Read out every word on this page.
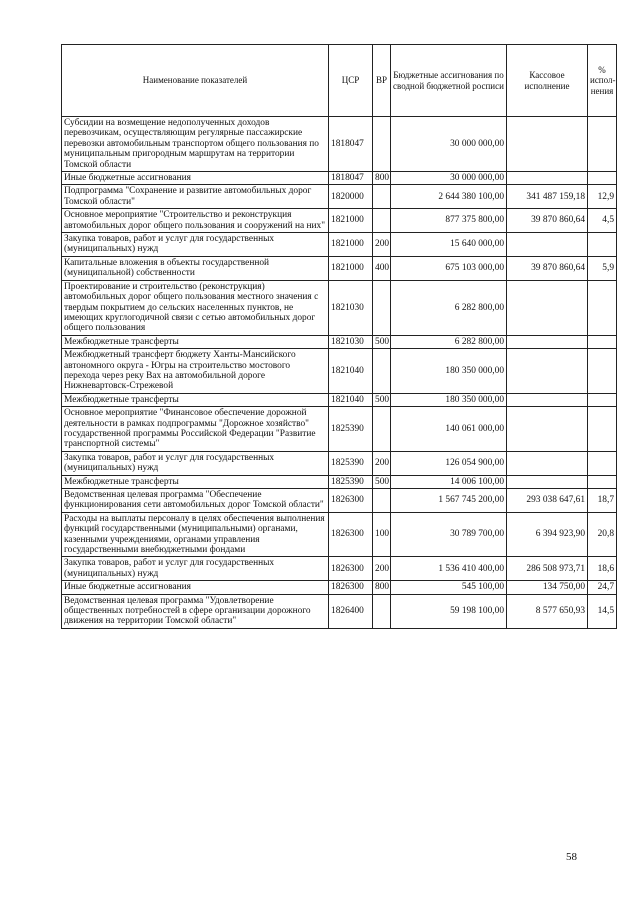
Наименование показателей	ЦСР	ВР	Бюджетные ассигнования по сводной бюджетной росписи	Кассовое исполнение	% испол- нения
Субсидии на возмещение недополученных доходов перевозчикам, осуществляющим регулярные пассажирские перевозки автомобильным транспортом общего пользования по муниципальным пригородным маршрутам на территории Томской области	1818047		30 000 000,00		
Иные бюджетные ассигнования	1818047	800	30 000 000,00		
Подпрограмма "Сохранение и развитие автомобильных дорог Томской области"	1820000		2 644 380 100,00	341 487 159,18	12,9
Основное мероприятие "Строительство и реконструкция автомобильных дорог общего пользования и сооружений на них"	1821000		877 375 800,00	39 870 860,64	4,5
Закупка товаров, работ и услуг для государственных (муниципальных) нужд	1821000	200	15 640 000,00		
Капитальные вложения в объекты государственной (муниципальной) собственности	1821000	400	675 103 000,00	39 870 860,64	5,9
Проектирование и строительство (реконструкция) автомобильных дорог общего пользования местного значения с твердым покрытием до сельских населенных пунктов, не имеющих круглогодичной связи с сетью автомобильных дорог общего пользования	1821030		6 282 800,00		
Межбюджетные трансферты	1821030	500	6 282 800,00		
Межбюджетный трансферт бюджету Ханты-Мансийского автономного округа - Югры на строительство мостового перехода через реку Вах на автомобильной дороге Нижневартовск-Стрежевой	1821040		180 350 000,00		
Межбюджетные трансферты	1821040	500	180 350 000,00		
Основное мероприятие "Финансовое обеспечение дорожной деятельности в рамках подпрограммы "Дорожное хозяйство" государственной программы Российской Федерации "Развитие транспортной системы"	1825390		140 061 000,00		
Закупка товаров, работ и услуг для государственных (муниципальных) нужд	1825390	200	126 054 900,00		
Межбюджетные трансферты	1825390	500	14 006 100,00		
Ведомственная целевая программа "Обеспечение функционирования сети автомобильных дорог Томской области"	1826300		1 567 745 200,00	293 038 647,61	18,7
Расходы на выплаты персоналу в целях обеспечения выполнения функций государственными (муниципальными) органами, казенными учреждениями, органами управления государственными внебюджетными фондами	1826300	100	30 789 700,00	6 394 923,90	20,8
Закупка товаров, работ и услуг для государственных (муниципальных) нужд	1826300	200	1 536 410 400,00	286 508 973,71	18,6
Иные бюджетные ассигнования	1826300	800	545 100,00	134 750,00	24,7
Ведомственная целевая программа "Удовлетворение общественных потребностей в сфере организации дорожного движения на территории Томской области"	1826400		59 198 100,00	8 577 650,93	14,5
58
